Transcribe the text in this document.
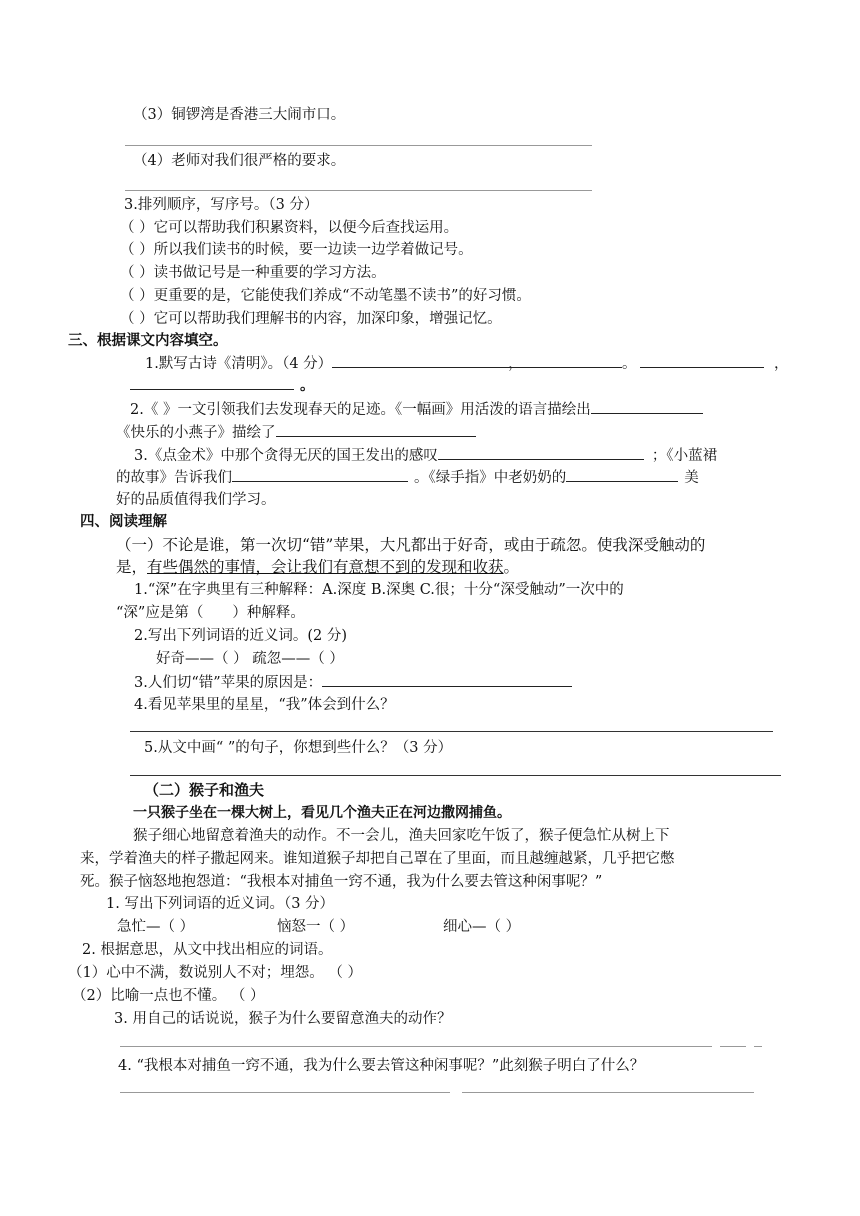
（3）铜锣湾是香港三大闹市口。
（4）老师对我们很严格的要求。
3.排列顺序，写序号。（3 分）
（ ）它可以帮助我们积累资料，以便今后查找运用。
（ ）所以我们读书的时候，要一边读一边学着做记号。
（ ）读书做记号是一种重要的学习方法。
（ ）更重要的是，它能使我们养成“不动笔墨不读书”的好习惯。
（ ）它可以帮助我们理解书的内容，加深印象，增强记忆。
三、根据课文内容填空。
1.默写古诗《清明》。（4 分）	，	。	，
。
2.《 》一文引领我们去发现春天的足迹。《一幅画》用活泼的语言描绘出
《快乐的小燕子》描绘了
3.《点金术》中那个贪得无厌的国王发出的感叹	；《小蓝裙
的故事》告诉我们	。《绿手指》中老奶奶的	美
好的品质值得我们学习。
四、阅读理解
（一）不论是谁，第一次切“错”苹果，大凡都出于好奇，或由于疏忽。使我深受触动的
是，有些偶然的事情，会让我们有意想不到的发现和收获。
1.“深”在字典里有三种解释：A.深度 B.深奥 C.很；十分“深受触动”一次中的
“深”应是第（　　）种解释。
2.写出下列词语的近义词。(2 分)
好奇——（ ） 疏忽——（ ）
3.人们切“错”苹果的原因是：
4.看见苹果里的星星，“我”体会到什么？
5.从文中画“ ”的句子，你想到些什么？（3 分）
（二）猴子和渔夫
一只猴子坐在一棵大树上，看见几个渔夫正在河边撒网捕鱼。
猴子细心地留意着渔夫的动作。不一会儿，渔夫回家吃午饭了，猴子便急忙从树上下
来，学着渔夫的样子撒起网来。谁知道猴子却把自己罩在了里面，而且越缠越紧，几乎把它憋
死。猴子恼怒地抱怨道：“我根本对捕鱼一窍不通，我为什么要去管这种闲事呢？”
1. 写出下列词语的近义词。（3 分）
急忙—（ ）	恼怒一（ ）	细心—（ ）
2. 根据意思，从文中找出相应的词语。
（1）心中不满，数说别人不对；埋怨。 （ ）
（2）比喻一点也不懂。 （ ）
3. 用自己的话说说，猴子为什么要留意渔夫的动作？
4. “我根本对捕鱼一窍不通，我为什么要去管这种闲事呢？”此刻猴子明白了什么？
